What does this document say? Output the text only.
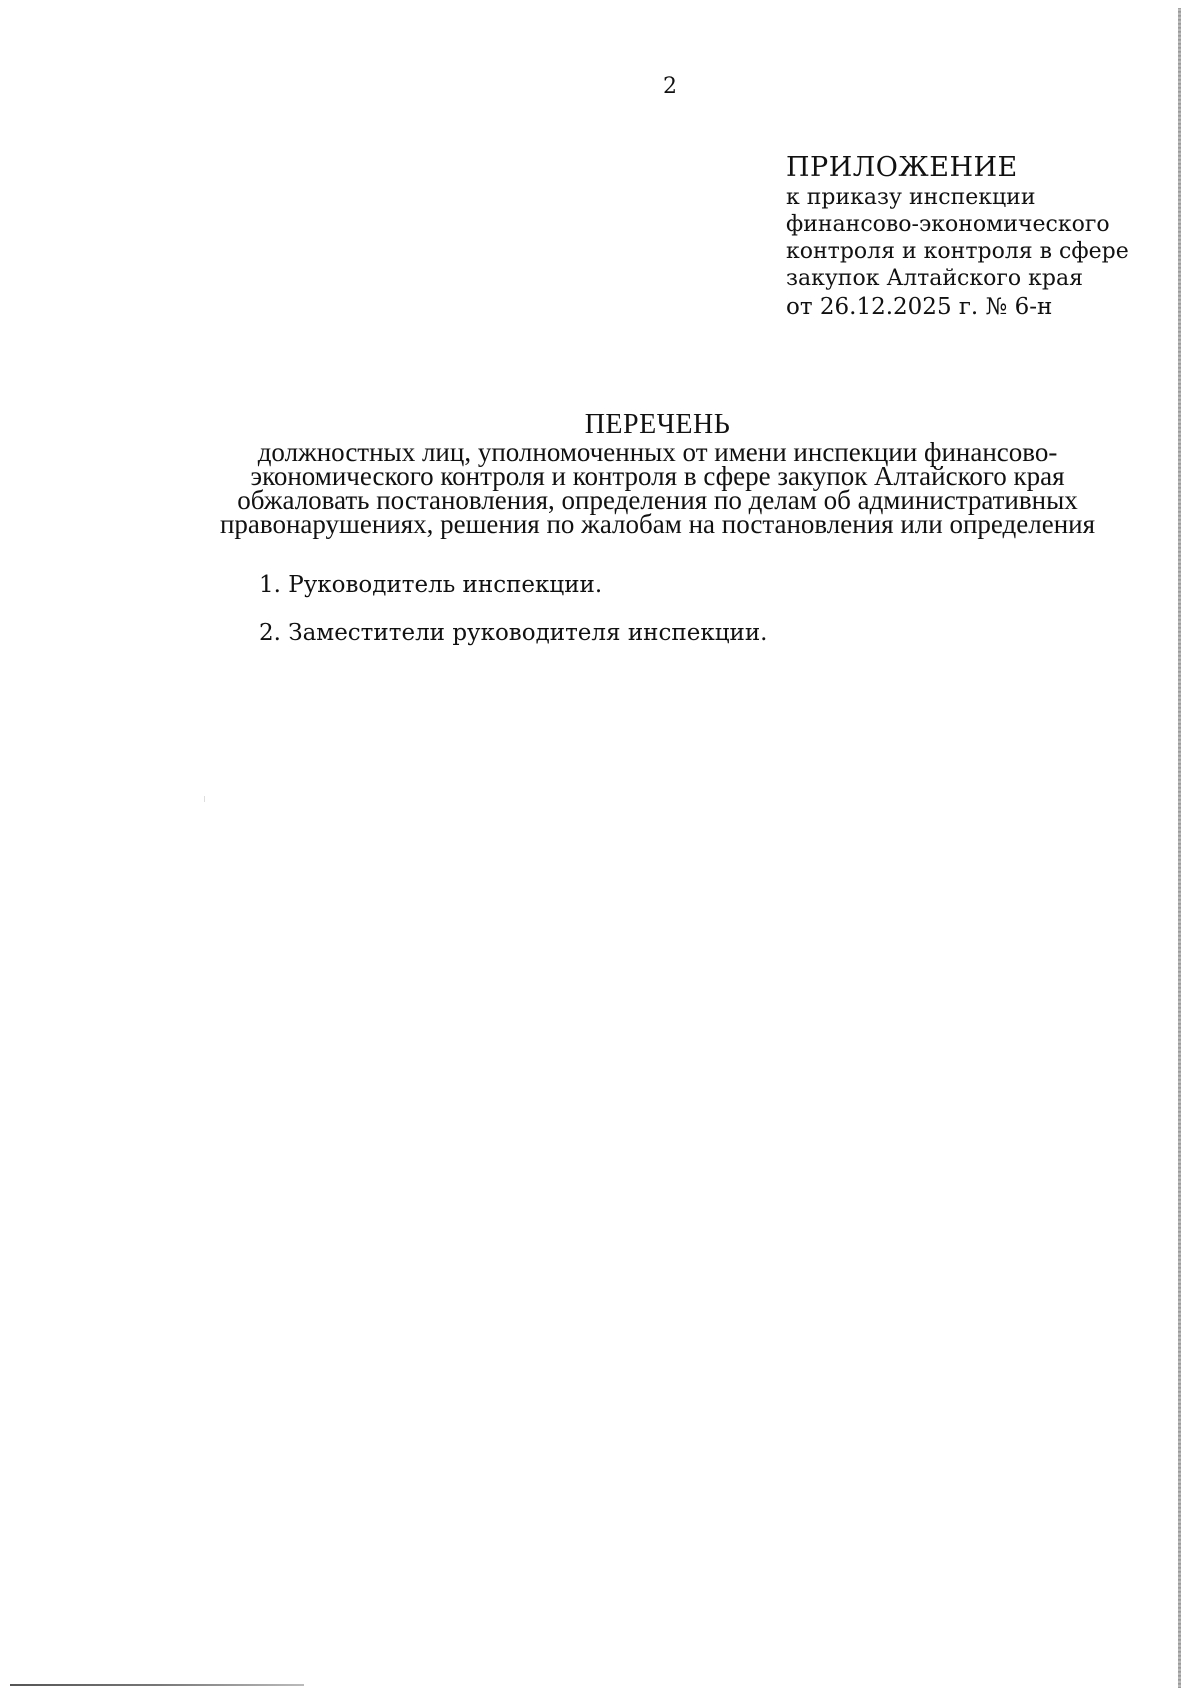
2
ПРИЛОЖЕНИЕ
к приказу инспекции
финансово-экономического
контроля и контроля в сфере
закупок Алтайского края
от 26.12.2025 г. № 6-н
ПЕРЕЧЕНЬ
должностных лиц, уполномоченных от имени инспекции финансово-
экономического контроля и контроля в сфере закупок Алтайского края
обжаловать постановления, определения по делам об административных
правонарушениях, решения по жалобам на постановления или определения
1. Руководитель инспекции.
2. Заместители руководителя инспекции.
